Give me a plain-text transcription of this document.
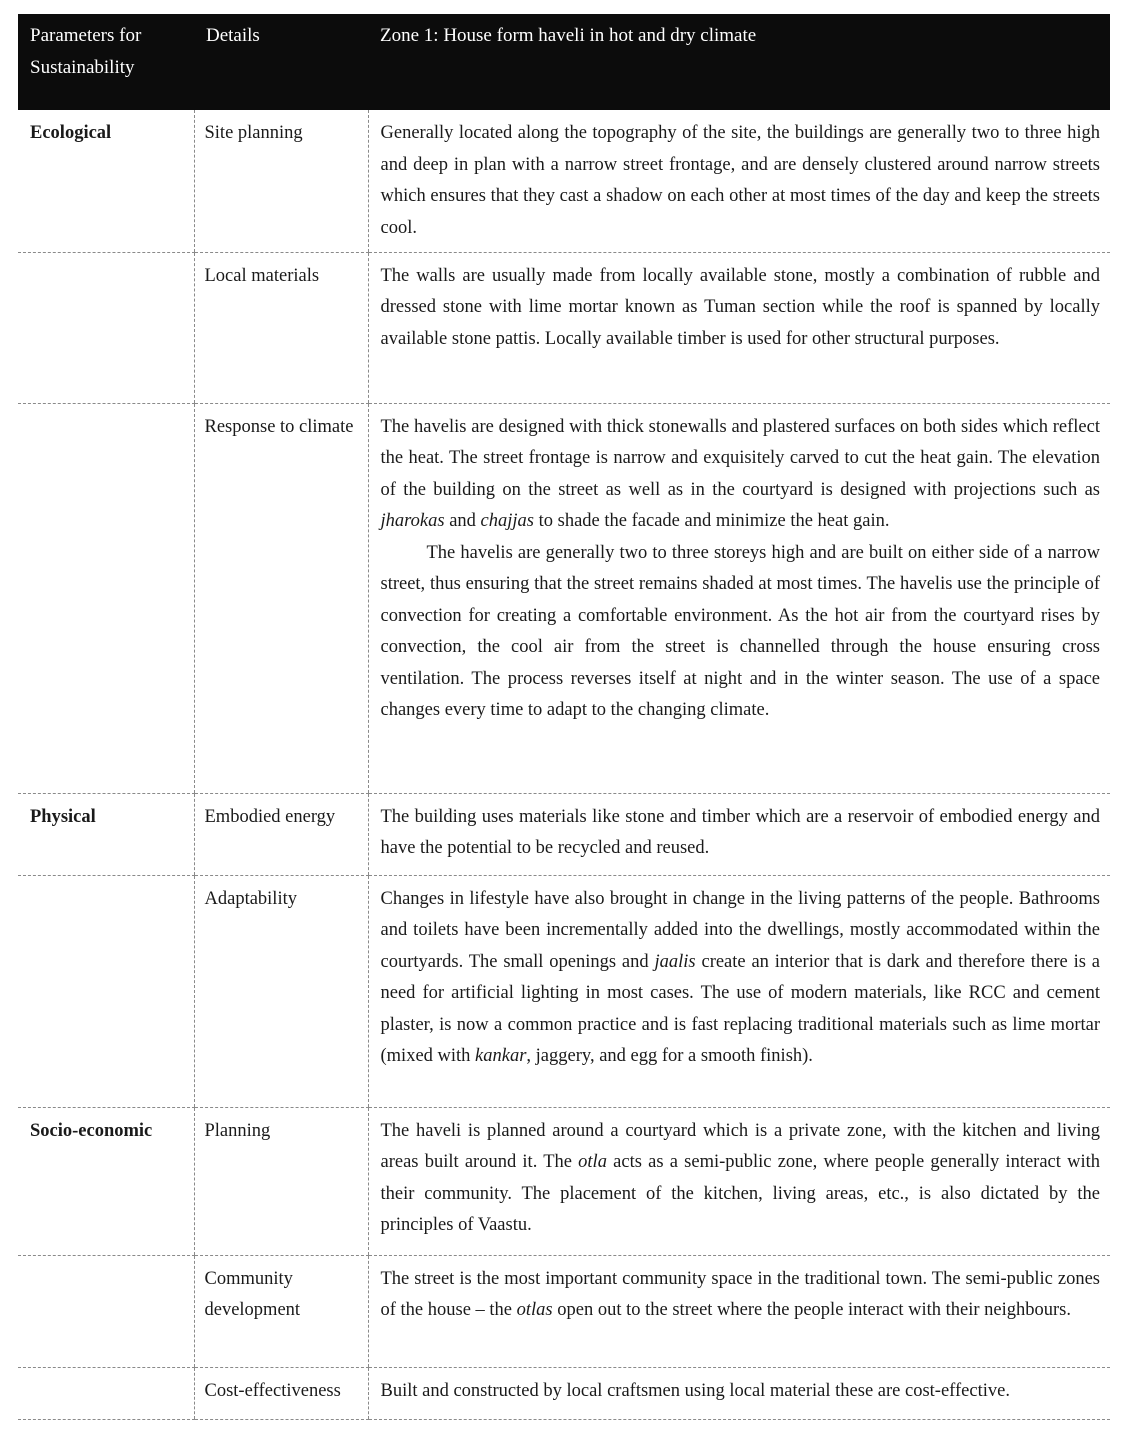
Parameters for Sustainability	Details	Zone 1: House form haveli in hot and dry climate
Ecological	Site planning	Generally located along the topography of the site, the buildings are generally two to three high and deep in plan with a narrow street frontage, and are densely clustered around narrow streets which ensures that they cast a shadow on each other at most times of the day and keep the streets cool.

	Local materials	The walls are usually made from locally available stone, mostly a combination of rubble and dressed stone with lime mortar known as Tuman section while the roof is spanned by locally available stone pattis. Locally available timber is used for other structural purposes.

	Response to climate	The havelis are designed with thick stonewalls and plastered surfaces on both sides which reflect the heat. The street frontage is narrow and exquisitely carved to cut the heat gain. The elevation of the building on the street as well as in the courtyard is designed with projections such as jharokas and chajjas to shade the facade and minimize the heat gain.

The havelis are generally two to three storeys high and are built on either side of a narrow street, thus ensuring that the street remains shaded at most times. The havelis use the principle of convection for creating a comfortable environment. As the hot air from the courtyard rises by convection, the cool air from the street is channelled through the house ensuring cross ventilation. The process reverses itself at night and in the winter season. The use of a space changes every time to adapt to the changing climate.

Physical	Embodied energy	The building uses materials like stone and timber which are a reservoir of embodied energy and have the potential to be recycled and reused.

	Adaptability	Changes in lifestyle have also brought in change in the living patterns of the people. Bathrooms and toilets have been incrementally added into the dwellings, mostly accommodated within the courtyards. The small openings and jaalis create an interior that is dark and therefore there is a need for artificial lighting in most cases. The use of modern materials, like RCC and cement plaster, is now a common practice and is fast replacing traditional materials such as lime mortar (mixed with kankar, jaggery, and egg for a smooth finish).

Socio-economic	Planning	The haveli is planned around a courtyard which is a private zone, with the kitchen and living areas built around it. The otla acts as a semi-public zone, where people generally interact with their community. The placement of the kitchen, living areas, etc., is also dictated by the principles of Vaastu.

	Community development	The street is the most important community space in the traditional town. The semi-public zones of the house – the otlas open out to the street where the people interact with their neighbours.

	Cost-effectiveness	Built and constructed by local craftsmen using local material these are cost-effective.
